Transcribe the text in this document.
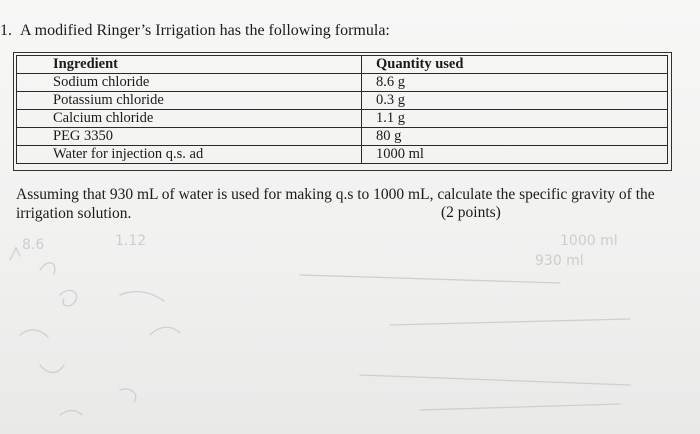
1. A modified Ringer’s Irrigation has the following formula:
Ingredient	Quantity used
Sodium chloride	8.6 g
Potassium chloride	0.3 g
Calcium chloride	1.1 g
PEG 3350	80 g
Water for injection q.s. ad	1000 ml
Assuming that 930 mL of water is used for making q.s to 1000 mL, calculate the specific gravity of the irrigation solution.	(2 points)
8.6	1.12	1000 ml
930 ml
